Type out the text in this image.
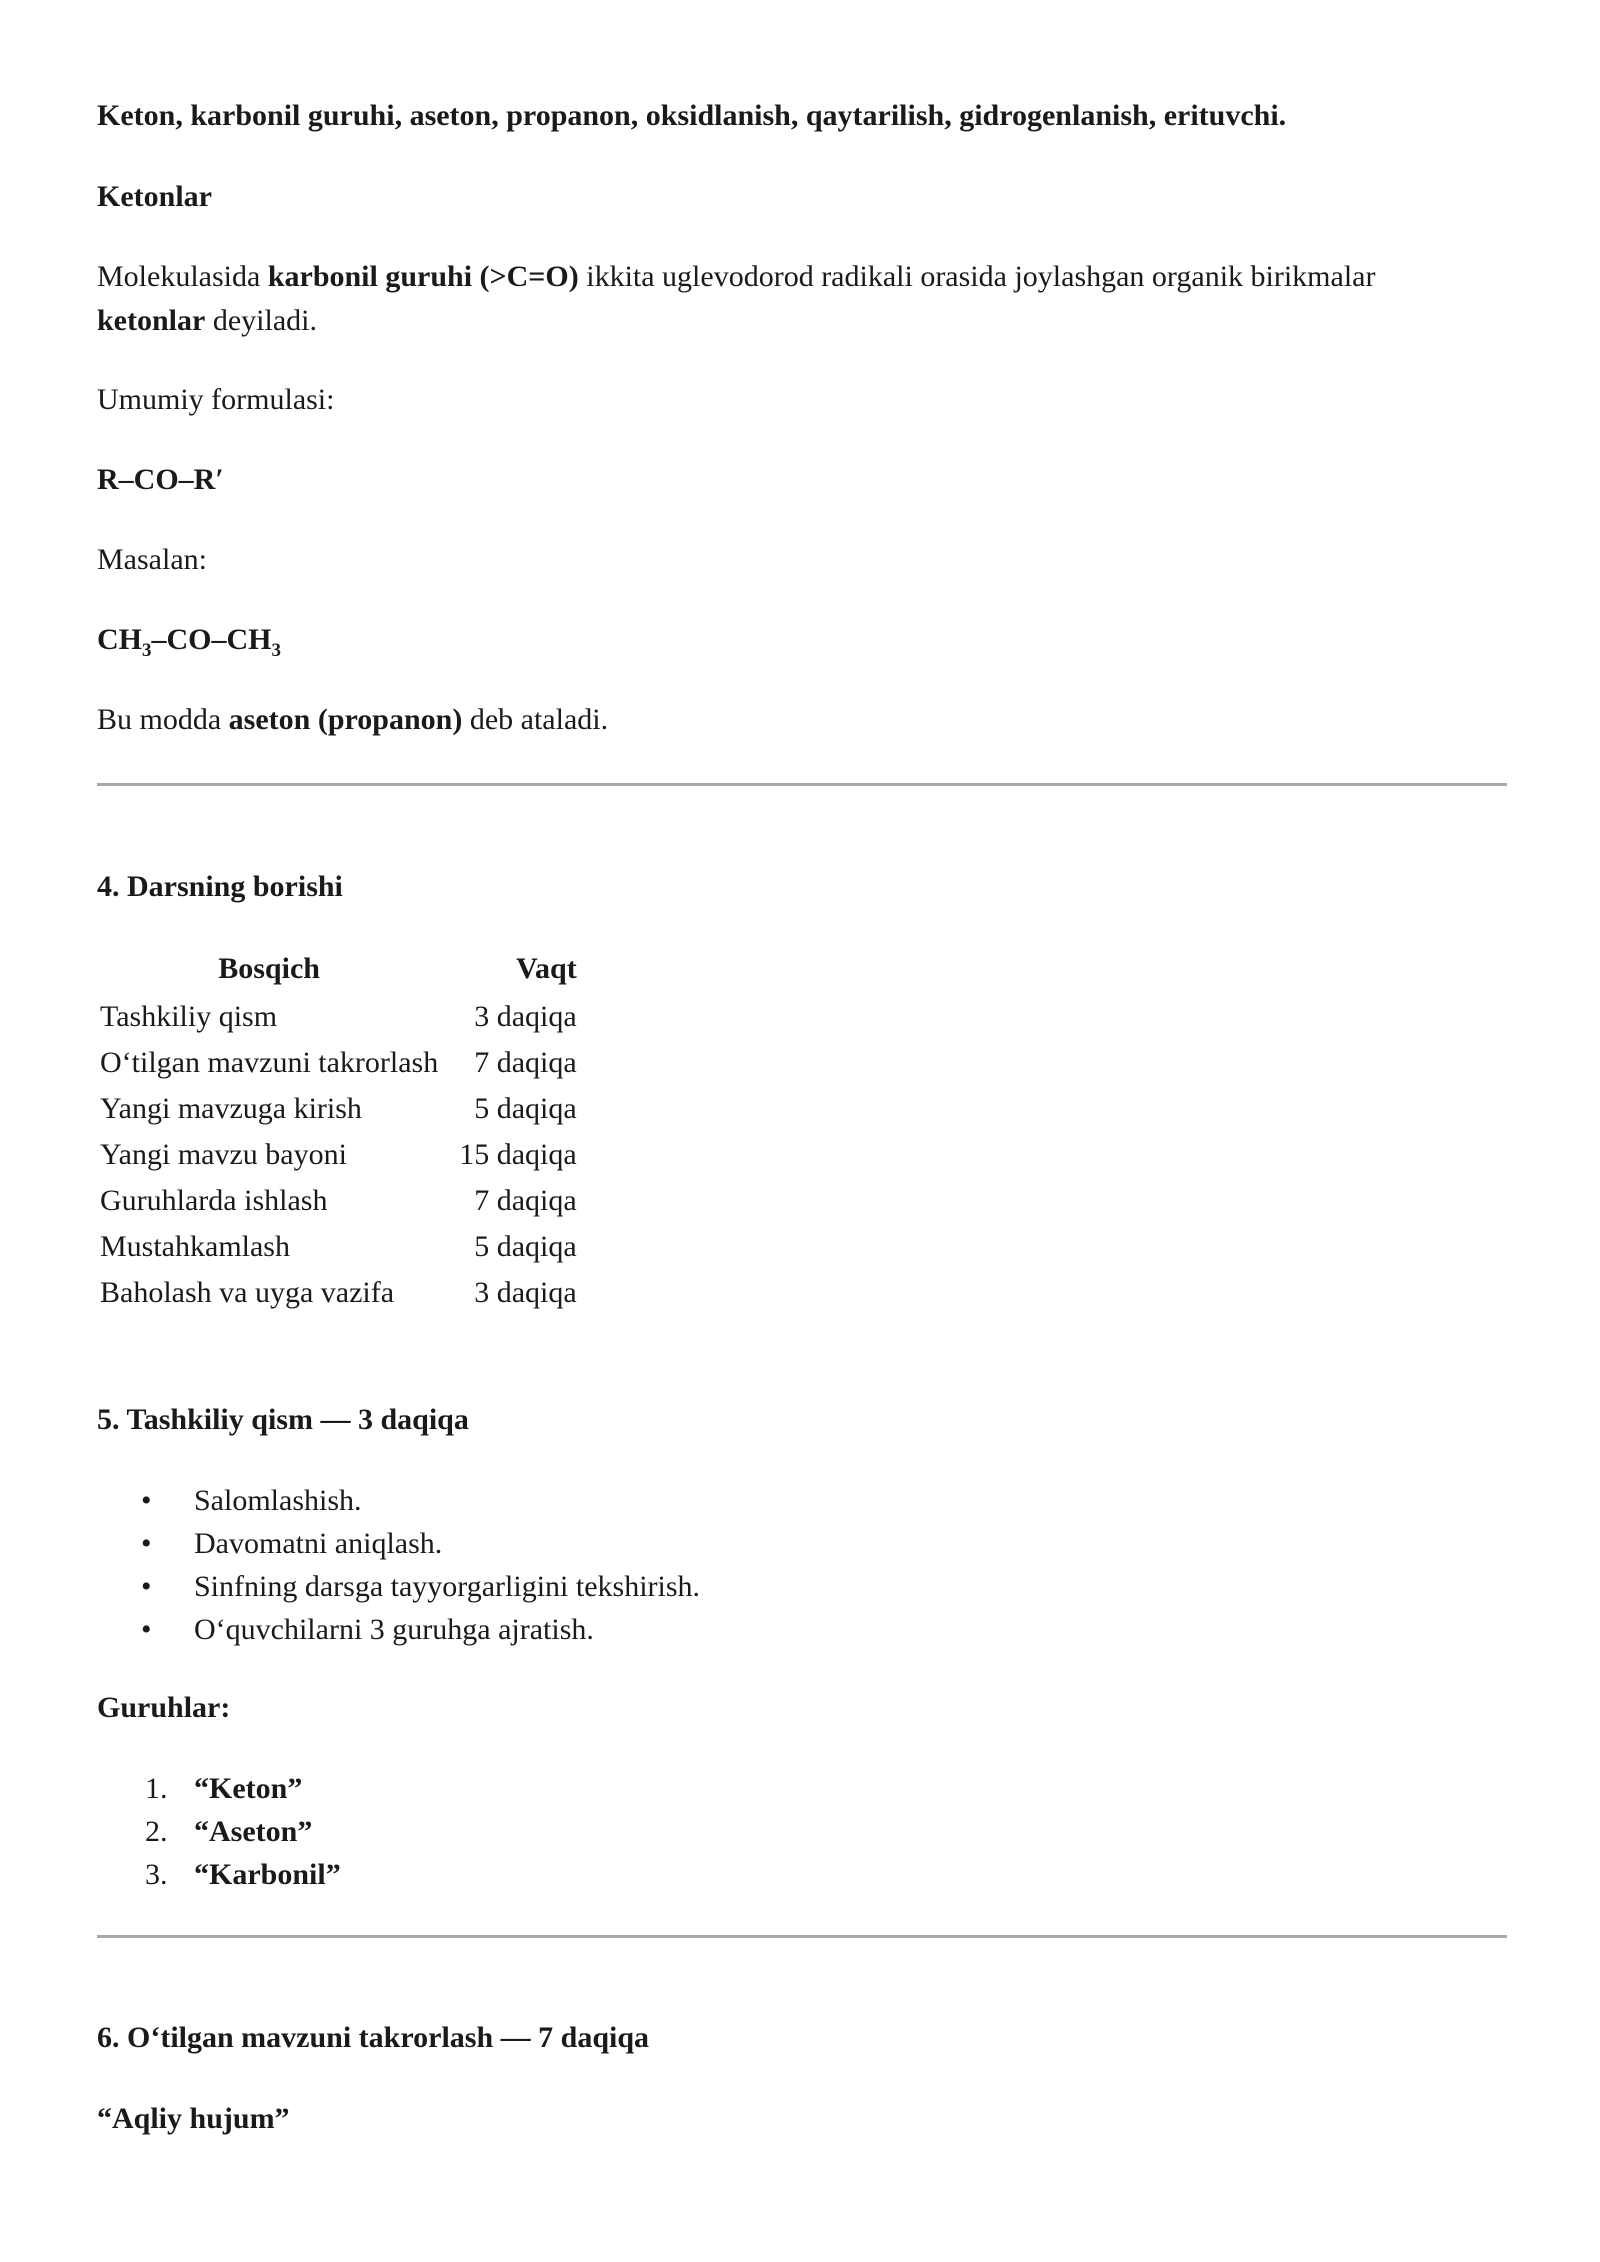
Keton, karbonil guruhi, aseton, propanon, oksidlanish, qaytarilish, gidrogenlanish, erituvchi.
Ketonlar
Molekulasida karbonil guruhi (>C=O) ikkita uglevodorod radikali orasida joylashgan organik birikmalar
ketonlar deyiladi.
Umumiy formulasi:
R–CO–R′
Masalan:
$CH_3-CO-CH_3$
Bu modda aseton (propanon) deb ataladi.
4. Darsning borishi
Bosqich	Vaqt
Tashkiliy qism	3 daqiqa
O‘tilgan mavzuni takrorlash	7 daqiqa
Yangi mavzuga kirish	5 daqiqa
Yangi mavzu bayoni	15 daqiqa
Guruhlarda ishlash	7 daqiqa
Mustahkamlash	5 daqiqa
Baholash va uyga vazifa	3 daqiqa
5. Tashkiliy qism — 3 daqiqa
• Salomlashish.
• Davomatni aniqlash.
• Sinfning darsga tayyorgarligini tekshirish.
• O‘quvchilarni 3 guruhga ajratish.
Guruhlar:
1. “Keton”
2. “Aseton”
3. “Karbonil”
6. O‘tilgan mavzuni takrorlash — 7 daqiqa
“Aqliy hujum”
